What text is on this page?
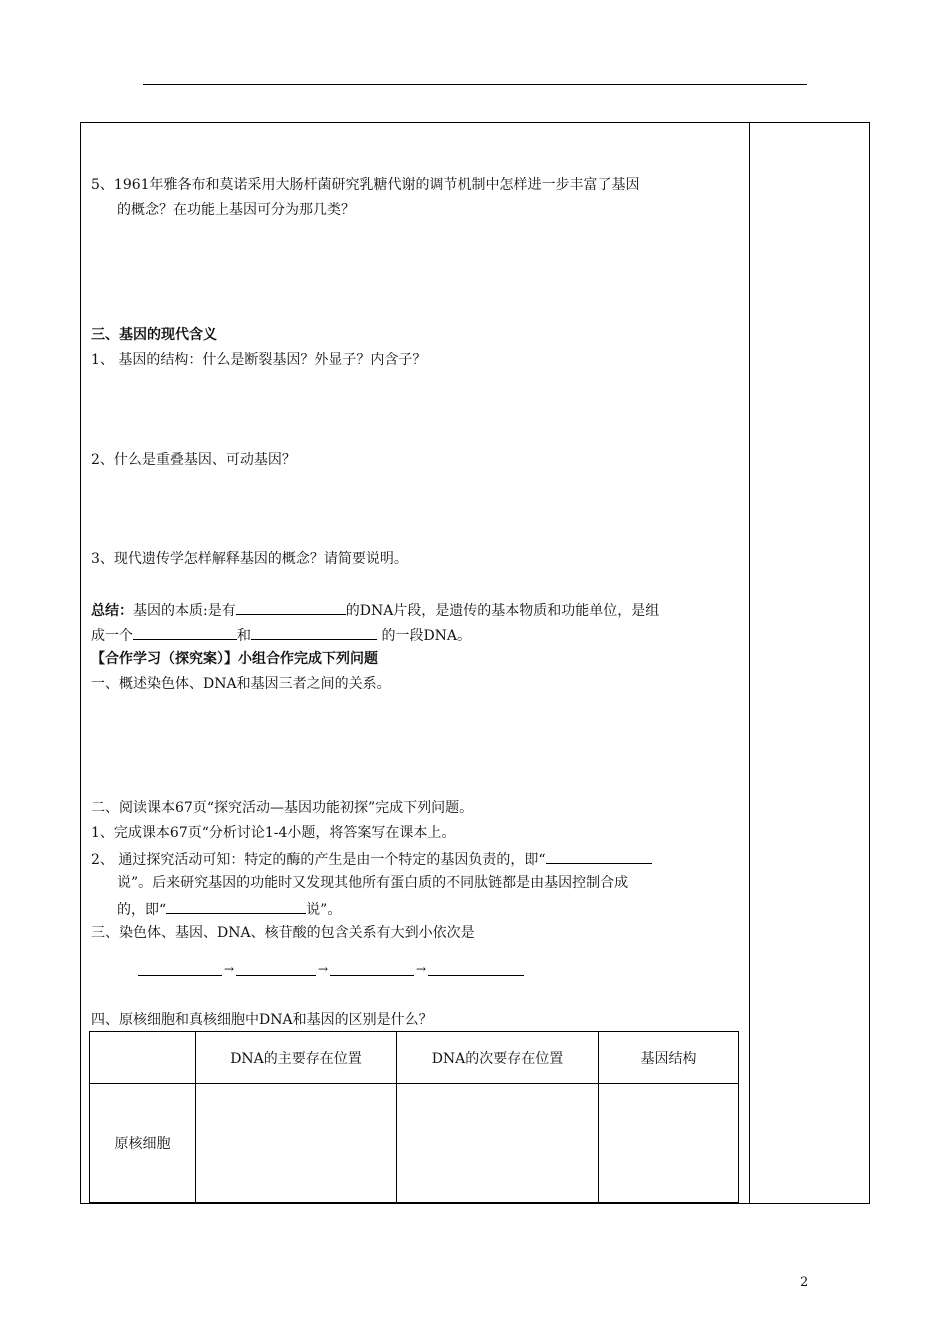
5、1961年雅各布和莫诺采用大肠杆菌研究乳糖代谢的调节机制中怎样进一步丰富了基因
的概念？在功能上基因可分为那几类？
三、基因的现代含义
1、 基因的结构：什么是断裂基因？外显子？内含子？
2、什么是重叠基因、可动基因？
3、现代遗传学怎样解释基因的概念？请简要说明。
总结：基因的本质:是有	的DNA片段，是遗传的基本物质和功能单位，是组
成一个	和	的一段DNA。
【合作学习（探究案）】小组合作完成下列问题
一、概述染色体、DNA和基因三者之间的关系。
二、阅读课本67页“探究活动—基因功能初探”完成下列问题。
1、完成课本67页“分析讨论1-4小题，将答案写在课本上。
2、 通过探究活动可知：特定的酶的产生是由一个特定的基因负责的，即“
说”。后来研究基因的功能时又发现其他所有蛋白质的不同肽链都是由基因控制合成
的，即“	说”。
三、染色体、基因、DNA、核苷酸的包含关系有大到小依次是
→	→	→
四、原核细胞和真核细胞中DNA和基因的区别是什么？
	DNA的主要存在位置	DNA的次要存在位置	基因结构
原核细胞			
2
